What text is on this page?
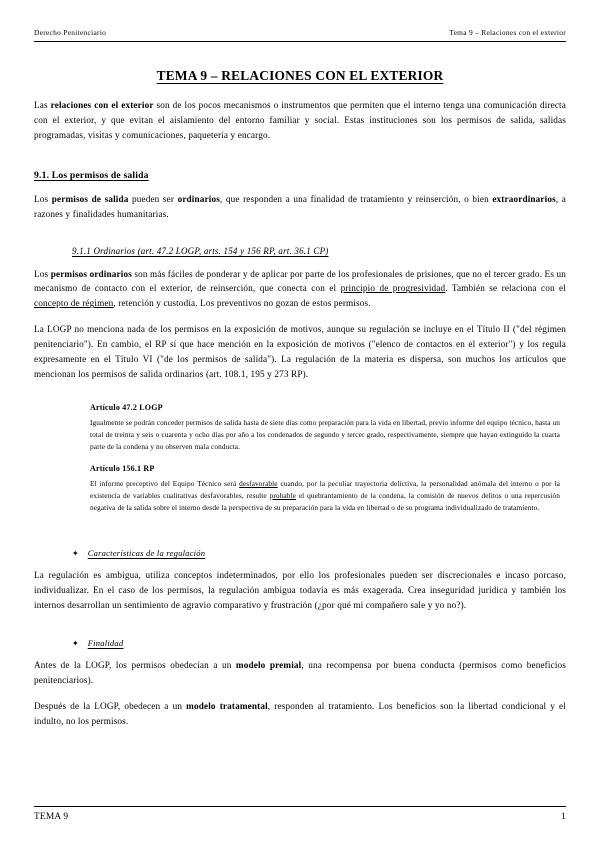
Derecho Penitenciario	Tema 9 – Relaciones con el exterior
TEMA 9 – RELACIONES CON EL EXTERIOR

Las relaciones con el exterior son de los pocos mecanismos o instrumentos que permiten que el interno tenga una comunicación directa con el exterior, y que evitan el aislamiento del entorno familiar y social. Estas instituciones son los permisos de salida, salidas programadas, visitas y comunicaciones, paquetería y encargo.

9.1. Los permisos de salida

Los permisos de salida pueden ser ordinarios, que responden a una finalidad de tratamiento y reinserción, o bien extraordinarios, a razones y finalidades humanitarias.

9.1.1 Ordinarios (art. 47.2 LOGP, arts. 154 y 156 RP, art. 36.1 CP)

Los permisos ordinarios son más fáciles de ponderar y de aplicar por parte de los profesionales de prisiones, que no el tercer grado. Es un mecanismo de contacto con el exterior, de reinserción, que conecta con el principio de progresividad. También se relaciona con el concepto de régimen, retención y custodia. Los preventivos no gozan de estos permisos.

La LOGP no menciona nada de los permisos en la exposición de motivos, aunque su regulación se incluye en el Título II ("del régimen penitenciario"). En cambio, el RP sí que hace mención en la exposición de motivos ("elenco de contactos en el exterior") y los regula expresamente en el Título VI ("de los permisos de salida"). La regulación de la materia es dispersa, son muchos los artículos que mencionan los permisos de salida ordinarios (art. 108.1, 195 y 273 RP).

Artículo 47.2 LOGP
Igualmente se podrán conceder permisos de salida hasta de siete días como preparación para la vida en libertad, previo informe del equipo técnico, hasta un total de treinta y seis o cuarenta y ocho días por año a los condenados de segundo y tercer grado, respectivamente, siempre que hayan extinguido la cuarta parte de la condena y no observen mala conducta.
Artículo 156.1 RP
El informe preceptivo del Equipo Técnico será desfavorable cuando, por la peculiar trayectoria delictiva, la personalidad anómala del interno o por la existencia de variables cualitativas desfavorables, resulte probable el quebrantamiento de la condena, la comisión de nuevos delitos o una repercusión negativa de la salida sobre el interno desde la perspectiva de su preparación para la vida en libertad o de su programa individualizado de tratamiento.
✦ Características de la regulación

La regulación es ambigua, utiliza conceptos indeterminados, por ello los profesionales pueden ser discrecionales e incaso porcaso, individualizar. En el caso de los permisos, la regulación ambigua todavía es más exagerada. Crea inseguridad jurídica y también los internos desarrollan un sentimiento de agravio comparativo y frustración (¿por qué mi compañero sale y yo no?).

✦ Finalidad

Antes de la LOGP, los permisos obedecían a un modelo premial, una recompensa por buena conducta (permisos como beneficios penitenciarios).

Después de la LOGP, obedecen a un modelo tratamental, responden al tratamiento. Los beneficios son la libertad condicional y el indulto, no los permisos.

TEMA 9	1
